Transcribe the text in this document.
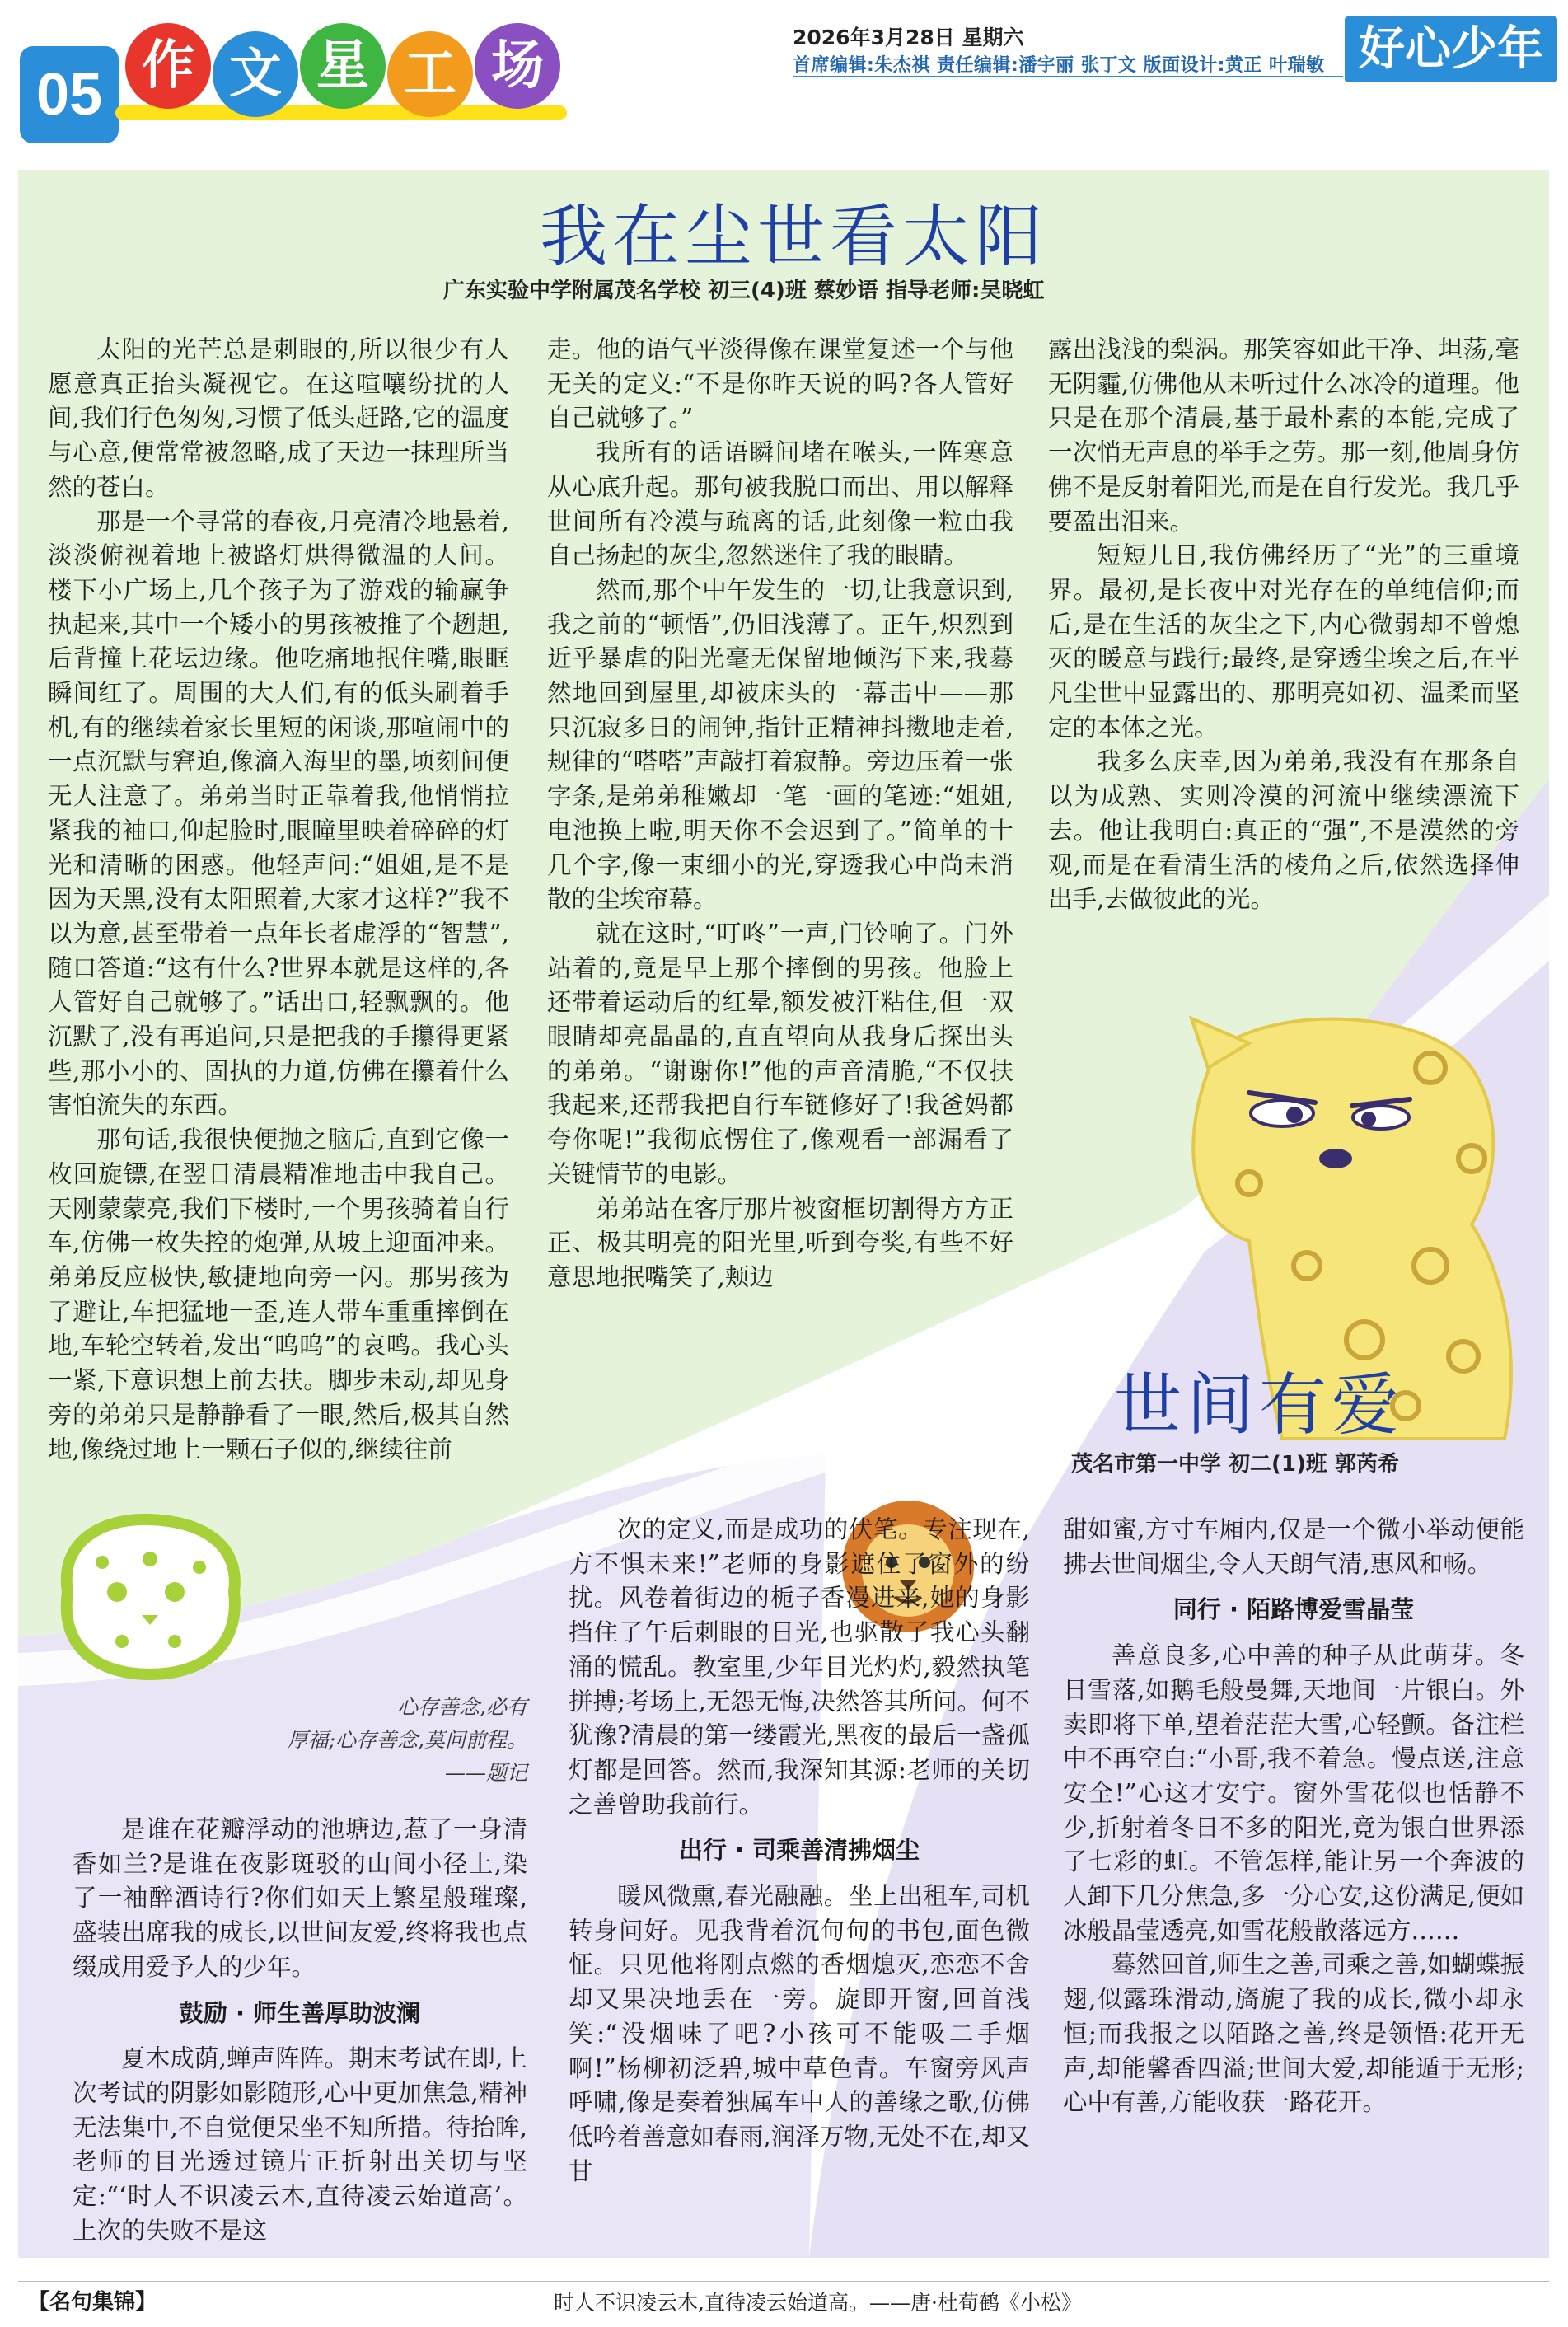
05 作 文 星 工 场	2026年3月28日 星期六
首席编辑:朱杰祺 责任编辑:潘宇丽 张丁文 版面设计:黄正 叶瑞敏 好心少年
我在尘世看太阳
广东实验中学附属茂名学校 初三(4)班 蔡妙语 指导老师:吴晓虹

太阳的光芒总是刺眼的,所以很少有人愿意真正抬头凝视它。在这喧嚷纷扰的人间,我们行色匆匆,习惯了低头赶路,它的温度与心意,便常常被忽略,成了天边一抹理所当然的苍白。

那是一个寻常的春夜,月亮清冷地悬着,淡淡俯视着地上被路灯烘得微温的人间。楼下小广场上,几个孩子为了游戏的输赢争执起来,其中一个矮小的男孩被推了个趔趄,后背撞上花坛边缘。他吃痛地抿住嘴,眼眶瞬间红了。周围的大人们,有的低头刷着手机,有的继续着家长里短的闲谈,那喧闹中的一点沉默与窘迫,像滴入海里的墨,顷刻间便无人注意了。弟弟当时正靠着我,他悄悄拉紧我的袖口,仰起脸时,眼瞳里映着碎碎的灯光和清晰的困惑。他轻声问:“姐姐,是不是因为天黑,没有太阳照着,大家才这样?”我不以为意,甚至带着一点年长者虚浮的“智慧”,随口答道:“这有什么?世界本就是这样的,各人管好自己就够了。”话出口,轻飘飘的。他沉默了,没有再追问,只是把我的手攥得更紧些,那小小的、固执的力道,仿佛在攥着什么害怕流失的东西。

那句话,我很快便抛之脑后,直到它像一枚回旋镖,在翌日清晨精准地击中我自己。天刚蒙蒙亮,我们下楼时,一个男孩骑着自行车,仿佛一枚失控的炮弹,从坡上迎面冲来。弟弟反应极快,敏捷地向旁一闪。那男孩为了避让,车把猛地一歪,连人带车重重摔倒在地,车轮空转着,发出“呜呜”的哀鸣。我心头一紧,下意识想上前去扶。脚步未动,却见身旁的弟弟只是静静看了一眼,然后,极其自然地,像绕过地上一颗石子似的,继续往前

走。他的语气平淡得像在课堂复述一个与他无关的定义:“不是你昨天说的吗?各人管好自己就够了。”

我所有的话语瞬间堵在喉头,一阵寒意从心底升起。那句被我脱口而出、用以解释世间所有冷漠与疏离的话,此刻像一粒由我自己扬起的灰尘,忽然迷住了我的眼睛。

然而,那个中午发生的一切,让我意识到,我之前的“顿悟”,仍旧浅薄了。正午,炽烈到近乎暴虐的阳光毫无保留地倾泻下来,我蓦然地回到屋里,却被床头的一幕击中——那只沉寂多日的闹钟,指针正精神抖擞地走着,规律的“嗒嗒”声敲打着寂静。旁边压着一张字条,是弟弟稚嫩却一笔一画的笔迹:“姐姐,电池换上啦,明天你不会迟到了。”简单的十几个字,像一束细小的光,穿透我心中尚未消散的尘埃帘幕。

就在这时,“叮咚”一声,门铃响了。门外站着的,竟是早上那个摔倒的男孩。他脸上还带着运动后的红晕,额发被汗粘住,但一双眼睛却亮晶晶的,直直望向从我身后探出头的弟弟。“谢谢你!”他的声音清脆,“不仅扶我起来,还帮我把自行车链修好了!我爸妈都夸你呢!”我彻底愣住了,像观看一部漏看了关键情节的电影。

弟弟站在客厅那片被窗框切割得方方正正、极其明亮的阳光里,听到夸奖,有些不好意思地抿嘴笑了,颊边

露出浅浅的梨涡。那笑容如此干净、坦荡,毫无阴霾,仿佛他从未听过什么冰冷的道理。他只是在那个清晨,基于最朴素的本能,完成了一次悄无声息的举手之劳。那一刻,他周身仿佛不是反射着阳光,而是在自行发光。我几乎要盈出泪来。

短短几日,我仿佛经历了“光”的三重境界。最初,是长夜中对光存在的单纯信仰;而后,是在生活的灰尘之下,内心微弱却不曾熄灭的暖意与践行;最终,是穿透尘埃之后,在平凡尘世中显露出的、那明亮如初、温柔而坚定的本体之光。

我多么庆幸,因为弟弟,我没有在那条自以为成熟、实则冷漠的河流中继续漂流下去。他让我明白:真正的“强”,不是漠然的旁观,而是在看清生活的棱角之后,依然选择伸出手,去做彼此的光。

世间有爱
茂名市第一中学 初二(1)班 郭芮希
心存善念,必有
厚福;心存善念,莫问前程。
——题记

是谁在花瓣浮动的池塘边,惹了一身清香如兰?是谁在夜影斑驳的山间小径上,染了一袖醉酒诗行?你们如天上繁星般璀璨,盛装出席我的成长,以世间友爱,终将我也点缀成用爱予人的少年。

鼓励 · 师生善厚助波澜

夏木成荫,蝉声阵阵。期末考试在即,上次考试的阴影如影随形,心中更加焦急,精神无法集中,不自觉便呆坐不知所措。待抬眸,老师的目光透过镜片正折射出关切与坚定:“‘时人不识凌云木,直待凌云始道高’。上次的失败不是这

次的定义,而是成功的伏笔。专注现在,方不惧未来!”老师的身影遮住了窗外的纷扰。风卷着街边的栀子香漫进来,她的身影挡住了午后刺眼的日光,也驱散了我心头翻涌的慌乱。教室里,少年目光灼灼,毅然执笔拼搏;考场上,无怨无悔,决然答其所问。何不犹豫?清晨的第一缕霞光,黑夜的最后一盏孤灯都是回答。然而,我深知其源:老师的关切之善曾助我前行。

出行 · 司乘善清拂烟尘

暖风微熏,春光融融。坐上出租车,司机转身问好。见我背着沉甸甸的书包,面色微怔。只见他将刚点燃的香烟熄灭,恋恋不舍却又果决地丢在一旁。旋即开窗,回首浅笑:“没烟味了吧?小孩可不能吸二手烟啊!”杨柳初泛碧,城中草色青。车窗旁风声呼啸,像是奏着独属车中人的善缘之歌,仿佛低吟着善意如春雨,润泽万物,无处不在,却又甘

甜如蜜,方寸车厢内,仅是一个微小举动便能拂去世间烟尘,令人天朗气清,惠风和畅。

同行 · 陌路博爱雪晶莹

善意良多,心中善的种子从此萌芽。冬日雪落,如鹅毛般曼舞,天地间一片银白。外卖即将下单,望着茫茫大雪,心轻颤。备注栏中不再空白:“小哥,我不着急。慢点送,注意安全!”心这才安宁。窗外雪花似也恬静不少,折射着冬日不多的阳光,竟为银白世界添了七彩的虹。不管怎样,能让另一个奔波的人卸下几分焦急,多一分心安,这份满足,便如冰般晶莹透亮,如雪花般散落远方……

蓦然回首,师生之善,司乘之善,如蝴蝶振翅,似露珠滑动,旖旎了我的成长,微小却永恒;而我报之以陌路之善,终是领悟:花开无声,却能馨香四溢;世间大爱,却能遁于无形;心中有善,方能收获一路花开。

【名句集锦】	时人不识凌云木,直待凌云始道高。——唐·杜荀鹤《小松》
